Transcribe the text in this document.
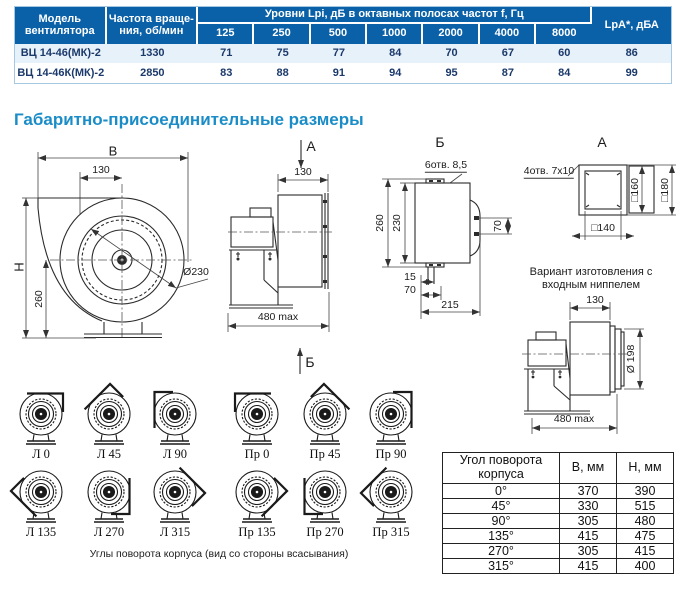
Модель
вентилятора	Частота враще-
ния, об/мин	Уровни Lpi, дБ в октавных полосах частот f, Гц							LpA*, дБА
		125	250	500	1000	2000	4000	8000	
ВЦ 14-46(МК)-2	1330	71	75	77	84	70	67	60	86
ВЦ 14-46К(МК)-2	2850	83	88	91	94	95	87	84	99
Габаритно-присоединительные размеры
B
130
H
260
Ø230
А
130
480 max
Б
Б
6отв. 8,5
260 230	70
15
70
215
А
4отв. 7х10
□160 □180
□140
Вариант изготовления с
входным ниппелем
130
Ø 198
480 max
Л 0	Л 45	Л 90	Пр 0	Пр 45	Пр 90
Л 135	Л 270	Л 315	Пр 135	Пр 270	Пр 315
Углы поворота корпуса (вид со стороны всасывания)
Угол поворота
корпуса	В, мм	Н, мм
0°	370	390
45°	330	515
90°	305	480
135°	415	475
270°	305	415
315°	415	400
